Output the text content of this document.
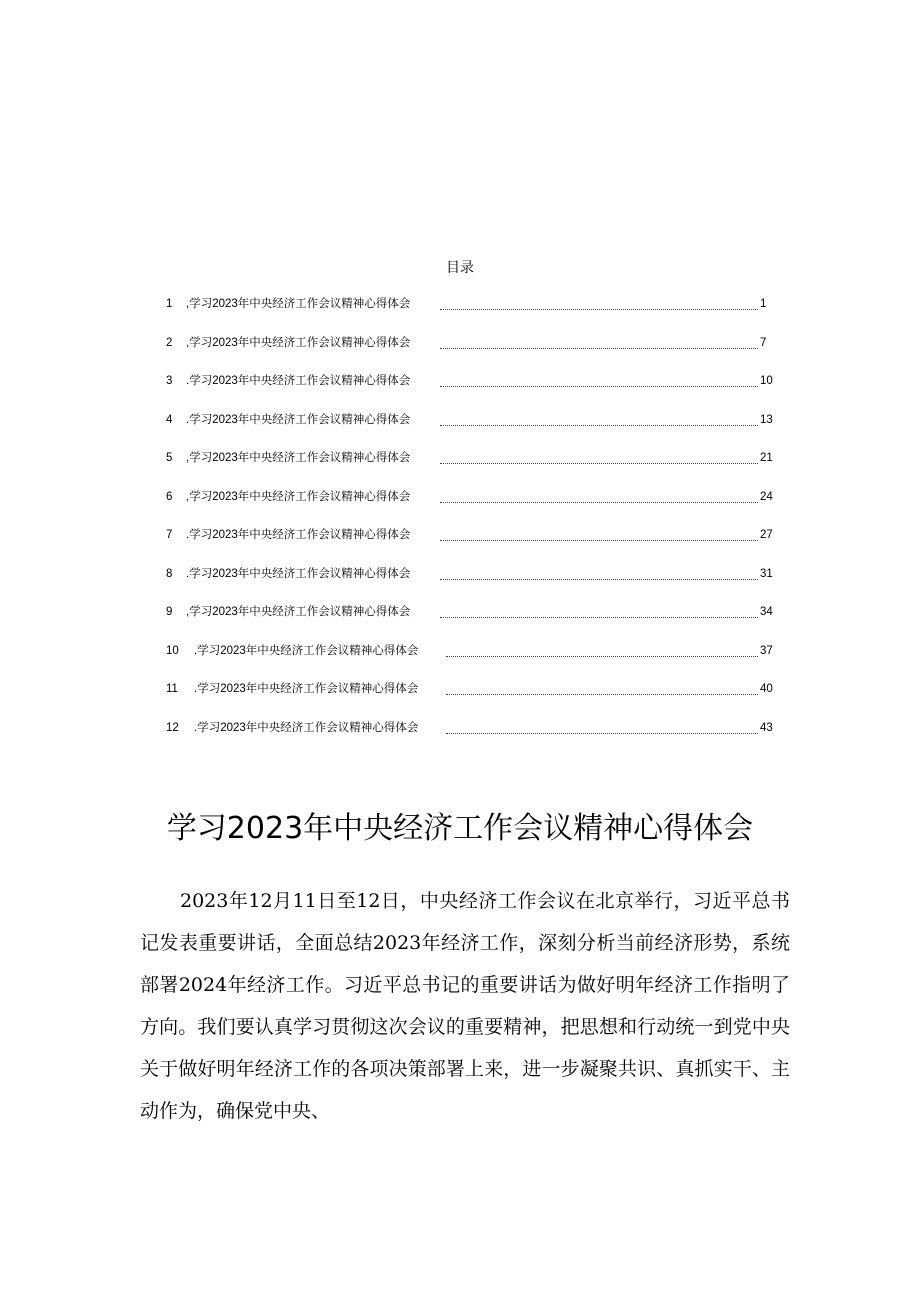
目录
1 ,学习2023年中央经济工作会议精神心得体会	1
2 ,学习2023年中央经济工作会议精神心得体会	7
3 .学习2023年中央经济工作会议精神心得体会	10
4 .学习2023年中央经济工作会议精神心得体会	13
5 ,学习2023年中央经济工作会议精神心得体会	21
6 ,学习2023年中央经济工作会议精神心得体会	24
7 .学习2023年中央经济工作会议精神心得体会	27
8 .学习2023年中央经济工作会议精神心得体会	31
9 ,学习2023年中央经济工作会议精神心得体会	34
10 .学习2023年中央经济工作会议精神心得体会	37
11 .学习2023年中央经济工作会议精神心得体会	40
12 .学习2023年中央经济工作会议精神心得体会	43
学习2023年中央经济工作会议精神心得体会

2023年12月11日至12日，中央经济工作会议在北京举行，习近平总书记发表重要讲话，全面总结2023年经济工作，深刻分析当前经济形势，系统部署2024年经济工作。习近平总书记的重要讲话为做好明年经济工作指明了方向。我们要认真学习贯彻这次会议的重要精神，把思想和行动统一到党中央关于做好明年经济工作的各项决策部署上来，进一步凝聚共识、真抓实干、主动作为，确保党中央、
